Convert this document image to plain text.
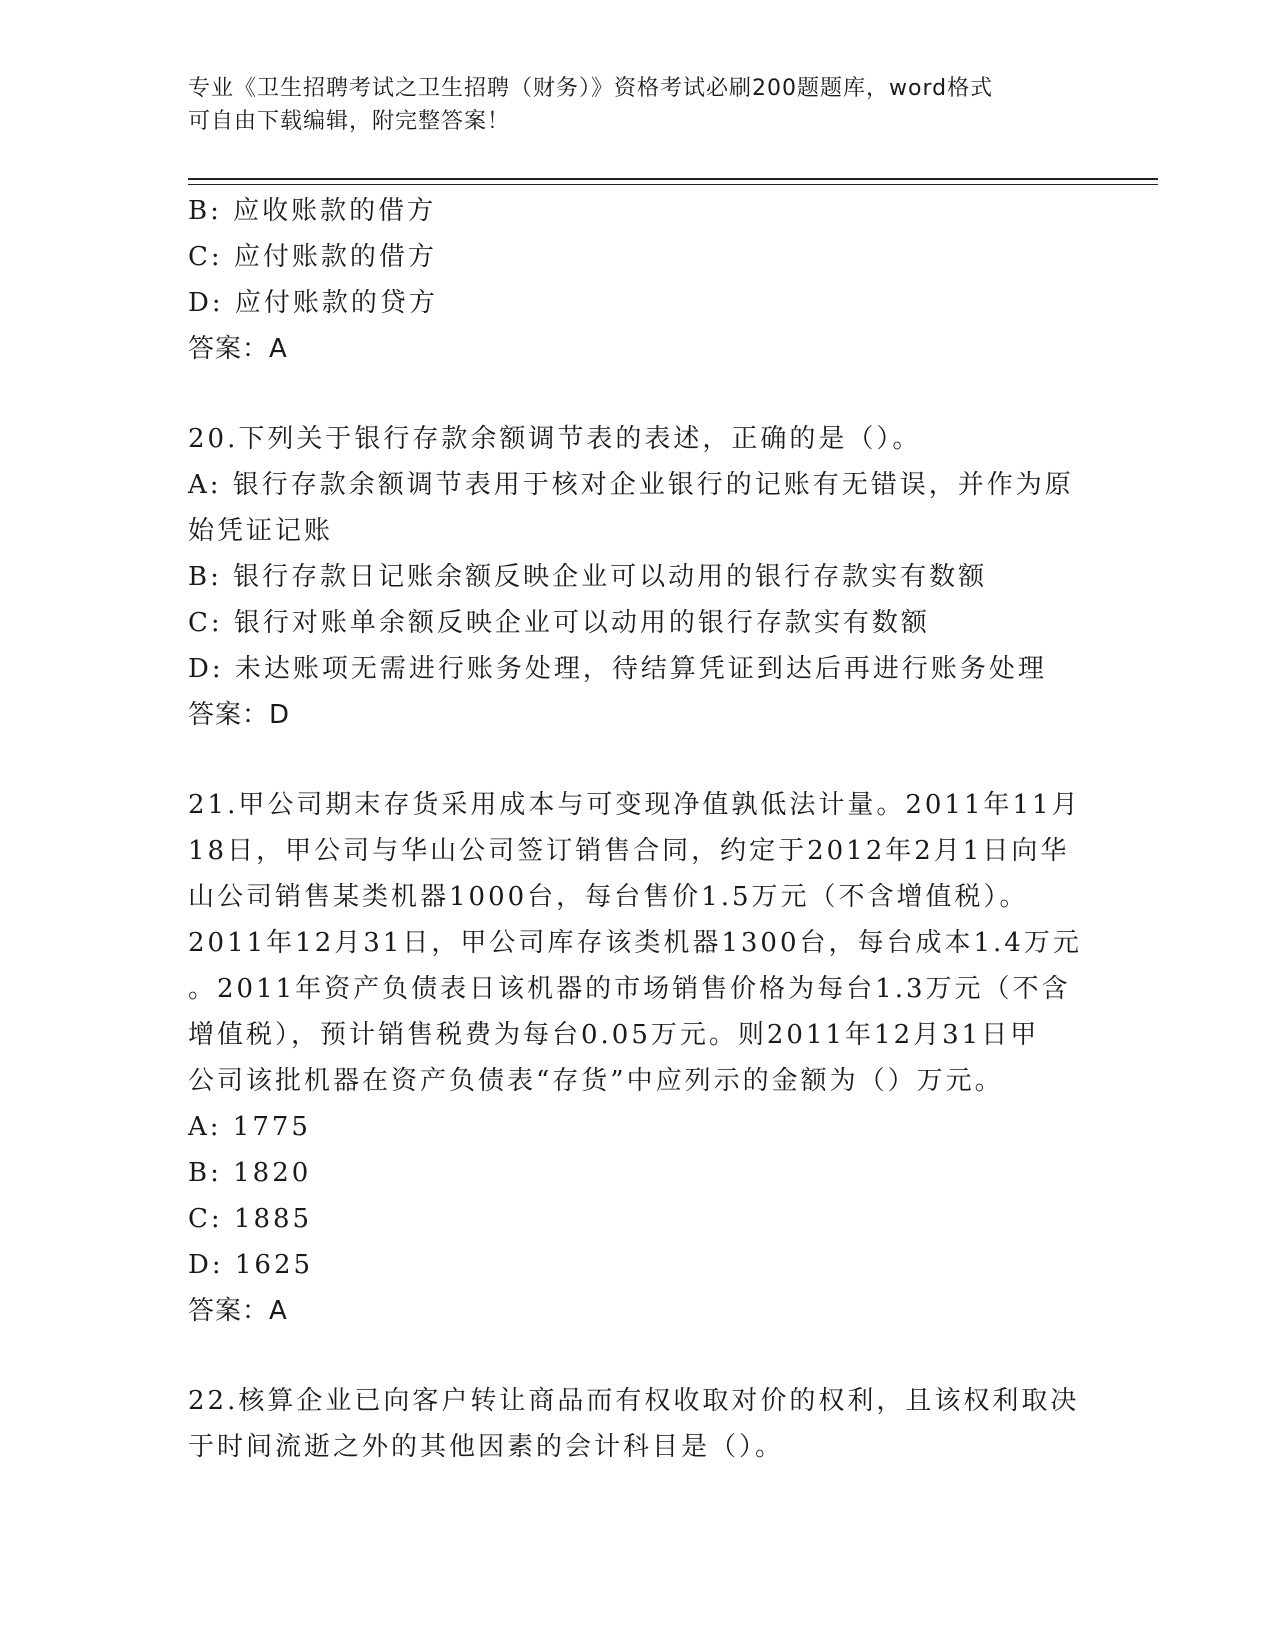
专业《卫生招聘考试之卫生招聘（财务）》资格考试必刷200题题库，word格式
可自由下载编辑，附完整答案！
B: 应收账款的借方
C: 应付账款的借方
D: 应付账款的贷方
答案：A
20.下列关于银行存款余额调节表的表述，正确的是（）。
A: 银行存款余额调节表用于核对企业银行的记账有无错误，并作为原
始凭证记账
B: 银行存款日记账余额反映企业可以动用的银行存款实有数额
C: 银行对账单余额反映企业可以动用的银行存款实有数额
D: 未达账项无需进行账务处理，待结算凭证到达后再进行账务处理
答案：D
21.甲公司期末存货采用成本与可变现净值孰低法计量。2011年11月
18日，甲公司与华山公司签订销售合同，约定于2012年2月1日向华
山公司销售某类机器1000台，每台售价1.5万元（不含增值税）。
2011年12月31日，甲公司库存该类机器1300台，每台成本1.4万元
。2011年资产负债表日该机器的市场销售价格为每台1.3万元（不含
增值税），预计销售税费为每台0.05万元。则2011年12月31日甲
公司该批机器在资产负债表“存货”中应列示的金额为（）万元。
A: 1775
B: 1820
C: 1885
D: 1625
答案：A
22.核算企业已向客户转让商品而有权收取对价的权利，且该权利取决
于时间流逝之外的其他因素的会计科目是（）。
